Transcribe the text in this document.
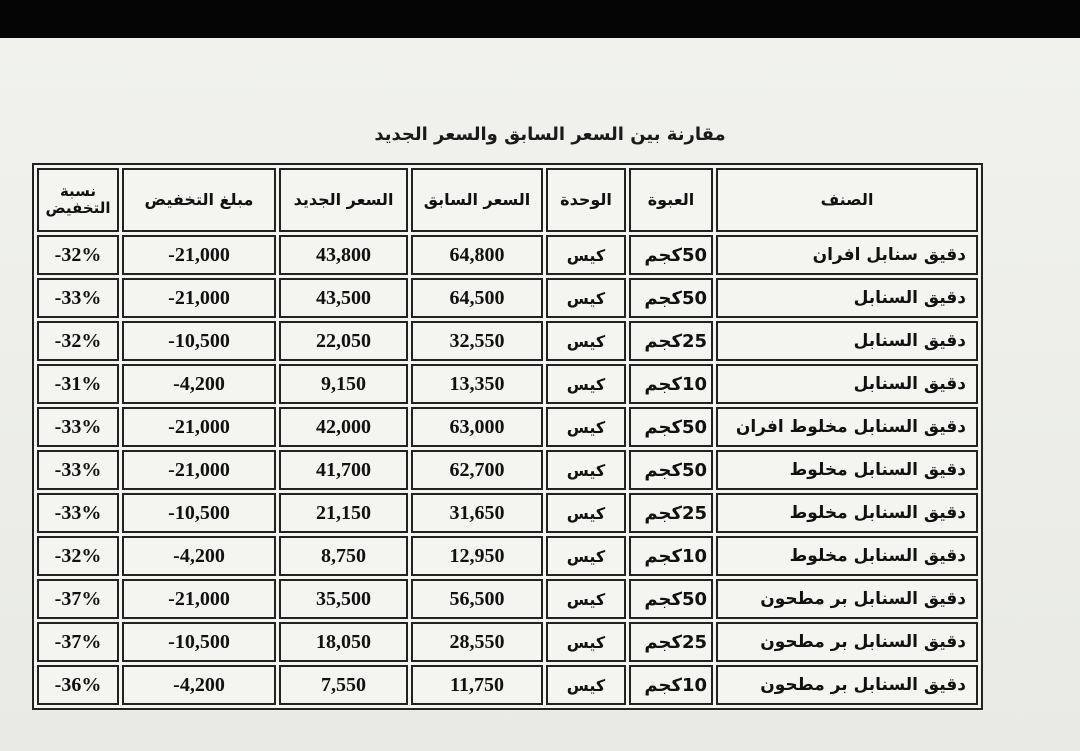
مقارنة بين السعر السابق والسعر الجديد
الصنف	العبوة	الوحدة	السعر السابق	السعر الجديد	مبلغ التخفيض	نسبة التخفيض
دقيق سنابل افران	50كجم	كيس	64,800	43,800	-21,000	-32%
دقيق السنابل	50كجم	كيس	64,500	43,500	-21,000	-33%
دقيق السنابل	25كجم	كيس	32,550	22,050	-10,500	-32%
دقيق السنابل	10كجم	كيس	13,350	9,150	-4,200	-31%
دقيق السنابل مخلوط افران	50كجم	كيس	63,000	42,000	-21,000	-33%
دقيق السنابل مخلوط	50كجم	كيس	62,700	41,700	-21,000	-33%
دقيق السنابل مخلوط	25كجم	كيس	31,650	21,150	-10,500	-33%
دقيق السنابل مخلوط	10كجم	كيس	12,950	8,750	-4,200	-32%
دقيق السنابل بر مطحون	50كجم	كيس	56,500	35,500	-21,000	-37%
دقيق السنابل بر مطحون	25كجم	كيس	28,550	18,050	-10,500	-37%
دقيق السنابل بر مطحون	10كجم	كيس	11,750	7,550	-4,200	-36%
